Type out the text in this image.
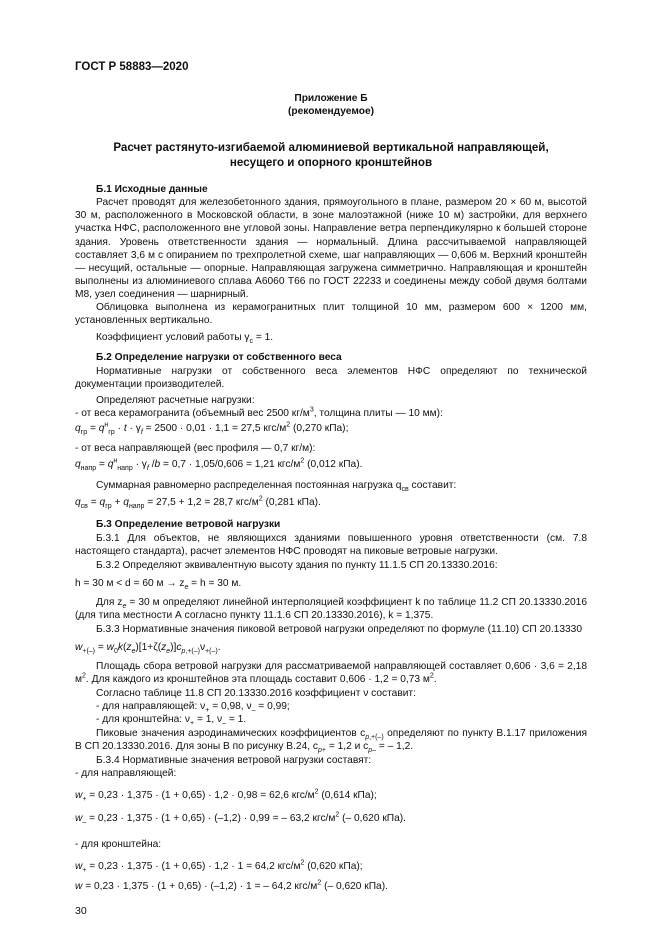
ГОСТ Р 58883—2020
Приложение Б
(рекомендуемое)
Расчет растянуто-изгибаемой алюминиевой вертикальной направляющей,
несущего и опорного кронштейнов
Б.1 Исходные данные
Расчет проводят для железобетонного здания, прямоугольного в плане, размером 20 × 60 м, высотой 30 м, расположенного в Московской области, в зоне малоэтажной (ниже 10 м) застройки, для верхнего участка НФС, расположенного вне угловой зоны. Направление ветра перпендикулярно к большей стороне здания. Уровень ответственности здания — нормальный. Длина рассчитываемой направляющей составляет 3,6 м с опиранием по трехпролетной схеме, шаг направляющих — 0,606 м. Верхний кронштейн — несущий, остальные — опорные. Направляющая загружена симметрично. Направляющая и кронштейн выполнены из алюминиевого сплава А6060 Т66 по ГОСТ 22233 и соединены между собой двумя болтами М8, узел соединения — шарнирный.
Облицовка выполнена из керамогранитных плит толщиной 10 мм, размером 600 × 1200 мм, установленных вертикально.
Коэффициент условий работы $\gamma_c = 1$.
Б.2 Определение нагрузки от собственного веса
Нормативные нагрузки от собственного веса элементов НФС определяют по технической документации производителей.
Определяют расчетные нагрузки:
- от веса керамогранита (объемный вес 2500 $кг/м^3$, толщина плиты — 10 мм):
$q_{гр} = q^н_{гр} \cdot t \cdot \gamma_f = 2500 \cdot 0,01 \cdot 1,1 = 27,5$ кгс/$м^2$ (0,270 кПа);
- от веса направляющей (вес профиля — 0,7 кг/м):
$q_{напр} = q^н_{напр} \cdot \gamma_f$ /b = 0,7 · 1,05/0,606 = 1,21 кгс/$м^2$ (0,012 кПа).
Суммарная равномерно распределенная постоянная нагрузка $q_{св}$ составит:
$q_{св} = q_{гр} + q_{напр} = 27,5 + 1,2 = 28,7$ кгс/$м^2$ (0,281 кПа).
Б.3 Определение ветровой нагрузки
Б.3.1 Для объектов, не являющихся зданиями повышенного уровня ответственности (см. 7.8 настоящего стандарта), расчет элементов НФС проводят на пиковые ветровые нагрузки.
Б.3.2 Определяют эквивалентную высоту здания по пункту 11.1.5 СП 20.13330.2016:
h = 30 м < d = 60 $м \to z_e = h = 30$ м.
Для $z_e = 30$ м определяют линейной интерполяцией коэффициент k по таблице 11.2 СП 20.13330.2016 (для типа местности А согласно пункту 11.1.6 СП 20.13330.2016), k = 1,375.
Б.3.3 Нормативные значения пиковой ветровой нагрузки определяют по формуле (11.10) СП 20.13330
$w_{+(-)} = w_0k(z_e)[1+\zeta(z_e)]c_{p,+(-)}\nu_{+(-)}$.
Площадь сбора ветровой нагрузки для рассматриваемой направляющей составляет 0,606 · 3,6 = 2,18 $м^2$. Для каждого из кронштейнов эта площадь составит 0,606 · 1,2 = 0,73 $м^2$.
Согласно таблице 11.8 СП 20.13330.2016 коэффициент ν составит:
- для направляющей: $\nu_+ = 0,98$, $\nu_- = 0,99$;
- для кронштейна: $\nu_+ = 1$, $\nu_- = 1$.
Пиковые значения аэродинамических коэффициентов $c_{p,+(-)}$ определяют по пункту В.1.17 приложения В СП 20.13330.2016. Для зоны В по рисунку В.24, $c_{p+} = 1,2$ и $c_{p-}$ = – 1,2.
Б.3.4 Нормативные значения ветровой нагрузки составят:
- для направляющей:
$w_+ = 0,23 \cdot 1,375 \cdot (1 + 0,65) \cdot 1,2 \cdot 0,98 = 62,6$ кгс/$м^2$ (0,614 кПа);
$w_- = 0,23 \cdot 1,375 \cdot (1 + 0,65) \cdot (-1,2) \cdot 0,99$ = – 63,2 кгс/$м^2$ (– 0,620 кПа).
- для кронштейна:
$w_+ = 0,23 \cdot 1,375 \cdot (1 + 0,65) \cdot 1,2 \cdot 1 = 64,2$ кгс/$м^2$ (0,620 кПа);
w = 0,23 · 1,375 · (1 + 0,65) · (–1,2) · 1 = – 64,2 кгс/$м^2$ (– 0,620 кПа).
30
